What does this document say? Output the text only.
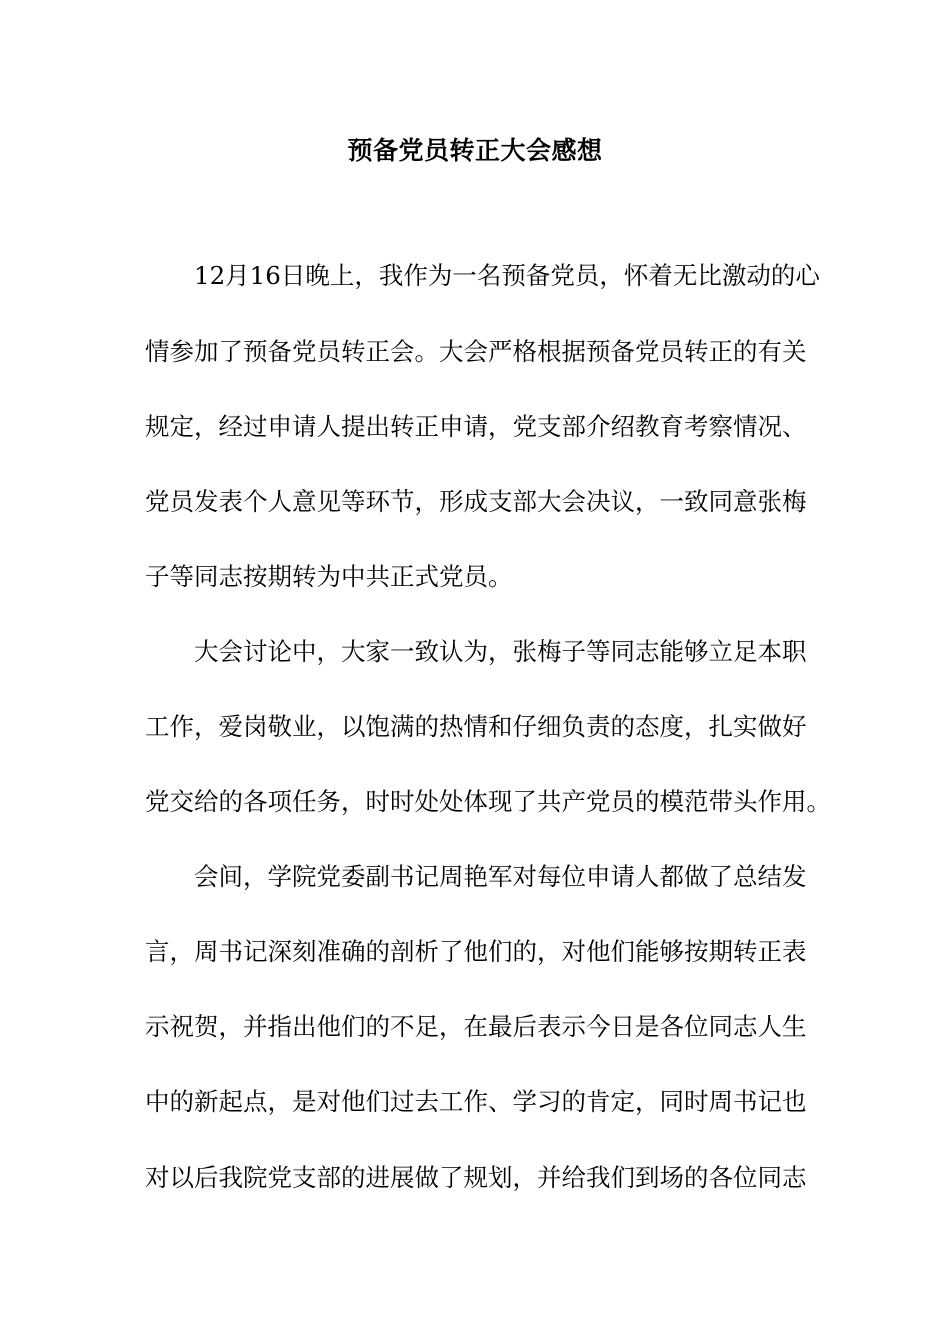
预备党员转正大会感想
12月16日晚上，我作为一名预备党员，怀着无比激动的心
情参加了预备党员转正会。大会严格根据预备党员转正的有关
规定，经过申请人提出转正申请，党支部介绍教育考察情况、
党员发表个人意见等环节，形成支部大会决议，一致同意张梅
子等同志按期转为中共正式党员。
大会讨论中，大家一致认为，张梅子等同志能够立足本职
工作，爱岗敬业，以饱满的热情和仔细负责的态度，扎实做好
党交给的各项任务，时时处处体现了共产党员的模范带头作用。
会间，学院党委副书记周艳军对每位申请人都做了总结发
言，周书记深刻准确的剖析了他们的，对他们能够按期转正表
示祝贺，并指出他们的不足，在最后表示今日是各位同志人生
中的新起点，是对他们过去工作、学习的肯定，同时周书记也
对以后我院党支部的进展做了规划，并给我们到场的各位同志
